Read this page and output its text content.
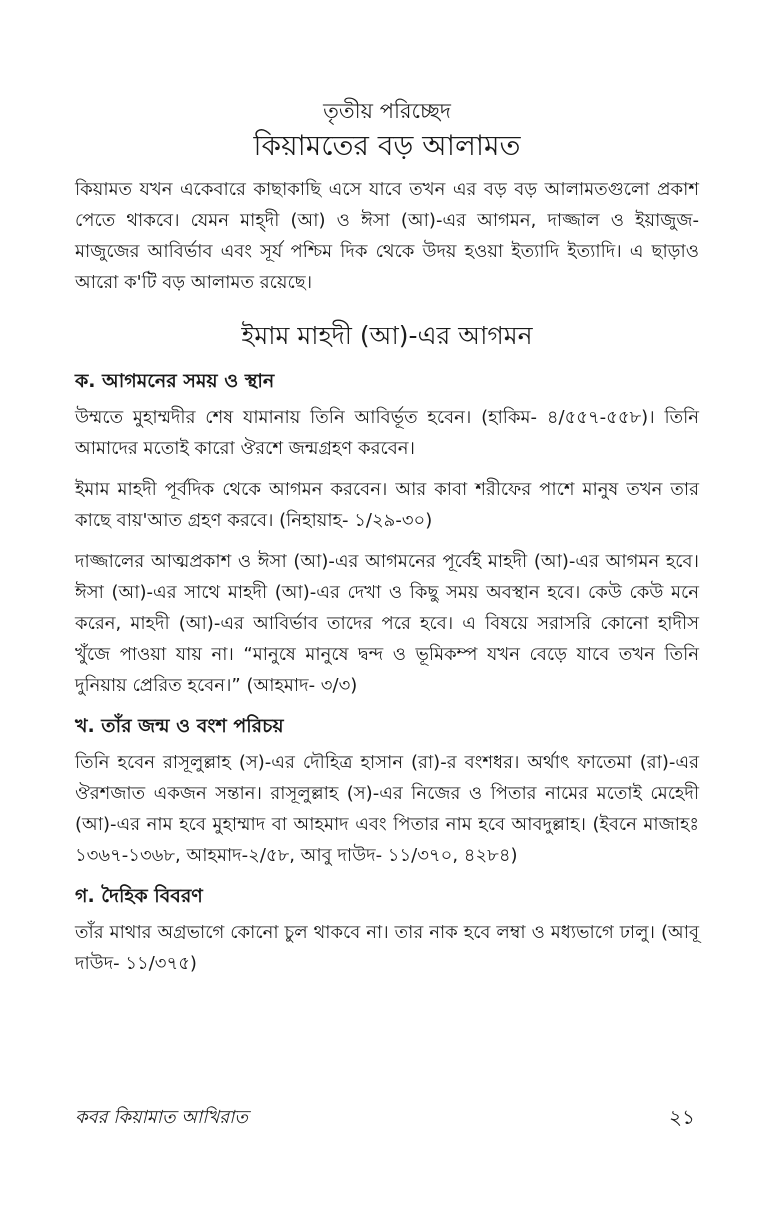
তৃতীয় পরিচ্ছেদ
কিয়ামতের বড় আলামত

কিয়ামত যখন একেবারে কাছাকাছি এসে যাবে তখন এর বড় বড় আলামতগুলো প্রকাশ পেতে থাকবে। যেমন মাহ্‌দী (আ) ও ঈসা (আ)-এর আগমন, দাজ্জাল ও ইয়াজুজ-মাজুজের আবির্ভাব এবং সূর্য পশ্চিম দিক থেকে উদয় হওয়া ইত্যাদি ইত্যাদি। এ ছাড়াও আরো ক'টি বড় আলামত রয়েছে।

ইমাম মাহদী (আ)-এর আগমন
ক. আগমনের সময় ও স্থান

উম্মতে মুহাম্মদীর শেষ যামানায় তিনি আবির্ভূত হবেন। (হাকিম- ৪/৫৫৭-৫৫৮)। তিনি আমাদের মতোই কারো ঔরশে জন্মগ্রহণ করবেন।

ইমাম মাহদী পূর্বদিক থেকে আগমন করবেন। আর কাবা শরীফের পাশে মানুষ তখন তার কাছে বায়'আত গ্রহণ করবে। (নিহায়াহ- ১/২৯-৩০)

দাজ্জালের আত্মপ্রকাশ ও ঈসা (আ)-এর আগমনের পূর্বেই মাহদী (আ)-এর আগমন হবে। ঈসা (আ)-এর সাথে মাহদী (আ)-এর দেখা ও কিছু সময় অবস্থান হবে। কেউ কেউ মনে করেন, মাহদী (আ)-এর আবির্ভাব তাদের পরে হবে। এ বিষয়ে সরাসরি কোনো হাদীস খুঁজে পাওয়া যায় না। “মানুষে মানুষে দ্বন্দ ও ভূমিকম্প যখন বেড়ে যাবে তখন তিনি দুনিয়ায় প্রেরিত হবেন।” (আহমাদ- ৩/৩)

খ. তাঁর জন্ম ও বংশ পরিচয়

তিনি হবেন রাসূলুল্লাহ (স)-এর দৌহিত্র হাসান (রা)-র বংশধর। অর্থাৎ ফাতেমা (রা)-এর ঔরশজাত একজন সন্তান। রাসূলুল্লাহ (স)-এর নিজের ও পিতার নামের মতোই মেহেদী (আ)-এর নাম হবে মুহাম্মাদ বা আহমাদ এবং পিতার নাম হবে আবদুল্লাহ। (ইবনে মাজাহঃ ১৩৬৭-১৩৬৮, আহমাদ-২/৫৮, আবু দাউদ- ১১/৩৭০, ৪২৮৪)

গ. দৈহিক বিবরণ

তাঁর মাথার অগ্রভাগে কোনো চুল থাকবে না। তার নাক হবে লম্বা ও মধ্যভাগে ঢালু। (আবূ দাউদ- ১১/৩৭৫)

কবর কিয়ামাত আখিরাত	২১
